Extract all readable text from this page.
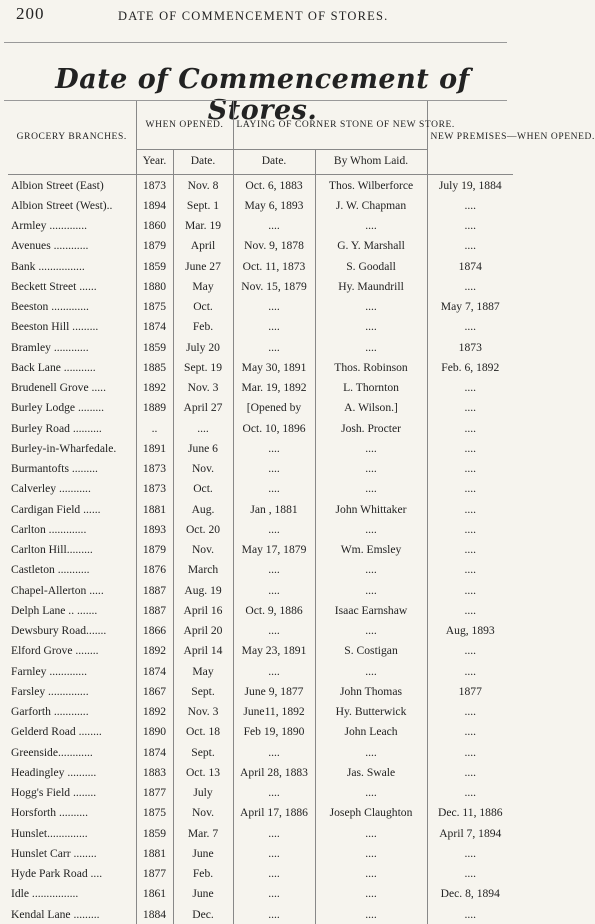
200	DATE OF COMMENCEMENT OF STORES.
Date of Commencement of Stores.
GROCERY BRANCHES.	WHEN OPENED.		LAYING OF CORNER STONE OF NEW STORE.		NEW PREMISES—WHEN OPENED.
	Year.	Date.	Date.	By Whom Laid.	
Albion Street (East)	1873	Nov. 8	Oct. 6, 1883	Thos. Wilberforce	July 19, 1884
Albion Street (West)..	1894	Sept. 1	May 6, 1893	J. W. Chapman	....
Armley .............	1860	Mar. 19	....	....	....
Avenues ............	1879	April	Nov. 9, 1878	G. Y. Marshall	....
Bank ................	1859	June 27	Oct. 11, 1873	S. Goodall	1874
Beckett Street ......	1880	May	Nov. 15, 1879	Hy. Maundrill	....
Beeston .............	1875	Oct.	....	....	May 7, 1887
Beeston Hill .........	1874	Feb.	....	....	....
Bramley ............	1859	July 20	....	....	1873
Back Lane ...........	1885	Sept. 19	May 30, 1891	Thos. Robinson	Feb. 6, 1892
Brudenell Grove .....	1892	Nov. 3	Mar. 19, 1892	L. Thornton	....
Burley Lodge .........	1889	April 27	[Opened by	A. Wilson.]	....
Burley Road ..........	..	....	Oct. 10, 1896	Josh. Procter	....
Burley-in-Wharfedale.	1891	June 6	....	....	....
Burmantofts .........	1873	Nov.	....	....	....
Calverley ...........	1873	Oct.	....	....	....
Cardigan Field ......	1881	Aug.	Jan , 1881	John Whittaker	....
Carlton .............	1893	Oct. 20	....	....	....
Carlton Hill.........	1879	Nov.	May 17, 1879	Wm. Emsley	....
Castleton ...........	1876	March	....	....	....
Chapel-Allerton .....	1887	Aug. 19	....	....	....
Delph Lane .. .......	1887	April 16	Oct. 9, 1886	Isaac Earnshaw	....
Dewsbury Road.......	1866	April 20	....	....	Aug, 1893
Elford Grove ........	1892	April 14	May 23, 1891	S. Costigan	....
Farnley .............	1874	May	....	....	....
Farsley ..............	1867	Sept.	June 9, 1877	John Thomas	1877
Garforth ............	1892	Nov. 3	June11, 1892	Hy. Butterwick	....
Gelderd Road ........	1890	Oct. 18	Feb 19, 1890	John Leach	....
Greenside............	1874	Sept.	....	....	....
Headingley ..........	1883	Oct. 13	April 28, 1883	Jas. Swale	....
Hogg's Field ........	1877	July	....	....	....
Horsforth ..........	1875	Nov.	April 17, 1886	Joseph Claughton	Dec. 11, 1886
Hunslet..............	1859	Mar. 7	....	....	April 7, 1894
Hunslet Carr ........	1881	June	....	....	....
Hyde Park Road ....	1877	Feb.	....	....	....
Idle ................	1861	June	....	....	Dec. 8, 1894
Kendal Lane .........	1884	Dec.	....	....	....
